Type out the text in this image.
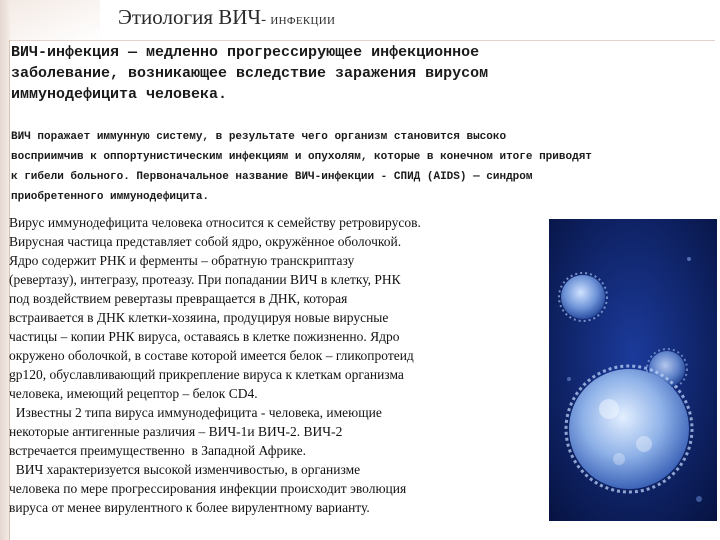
Этиология ВИЧ- инфекции
ВИЧ-инфекция — медленно прогрессирующее инфекционное
заболевание, возникающее вследствие заражения вирусом
иммунодефицита человека.
ВИЧ поражает иммунную систему, в результате чего организм становится высоко
восприимчив к оппортунистическим инфекциям и опухолям, которые в конечном итоге приводят
к гибели больного. Первоначальное название ВИЧ-инфекции - СПИД (AIDS) — синдром
приобретенного иммунодефицита.
Вирус иммунодефицита человека относится к семейству ретровирусов.
Вирусная частица представляет собой ядро, окружённое оболочкой.
Ядро содержит РНК и ферменты – обратную транскриптазу
(ревертазу), интегразу, протеазу. При попадании ВИЧ в клетку, РНК
под воздействием ревертазы превращается в ДНК, которая
встраивается в ДНК клетки-хозяина, продуцируя новые вирусные
частицы – копии РНК вируса, оставаясь в клетке пожизненно. Ядро
окружено оболочкой, в составе которой имеется белок – гликопротеид
gp120, обуславливающий прикрепление вируса к клеткам организма
человека, имеющий рецептор – белок CD4.
Известны 2 типа вируса иммунодефицита - человека, имеющие
некоторые антигенные различия – ВИЧ-1и ВИЧ-2. ВИЧ-2
встречается преимущественно  в Западной Африке.
ВИЧ характеризуется высокой изменчивостью, в организме
человека по мере прогрессирования инфекции происходит эволюция
вируса от менее вирулентного к более вирулентному варианту.
